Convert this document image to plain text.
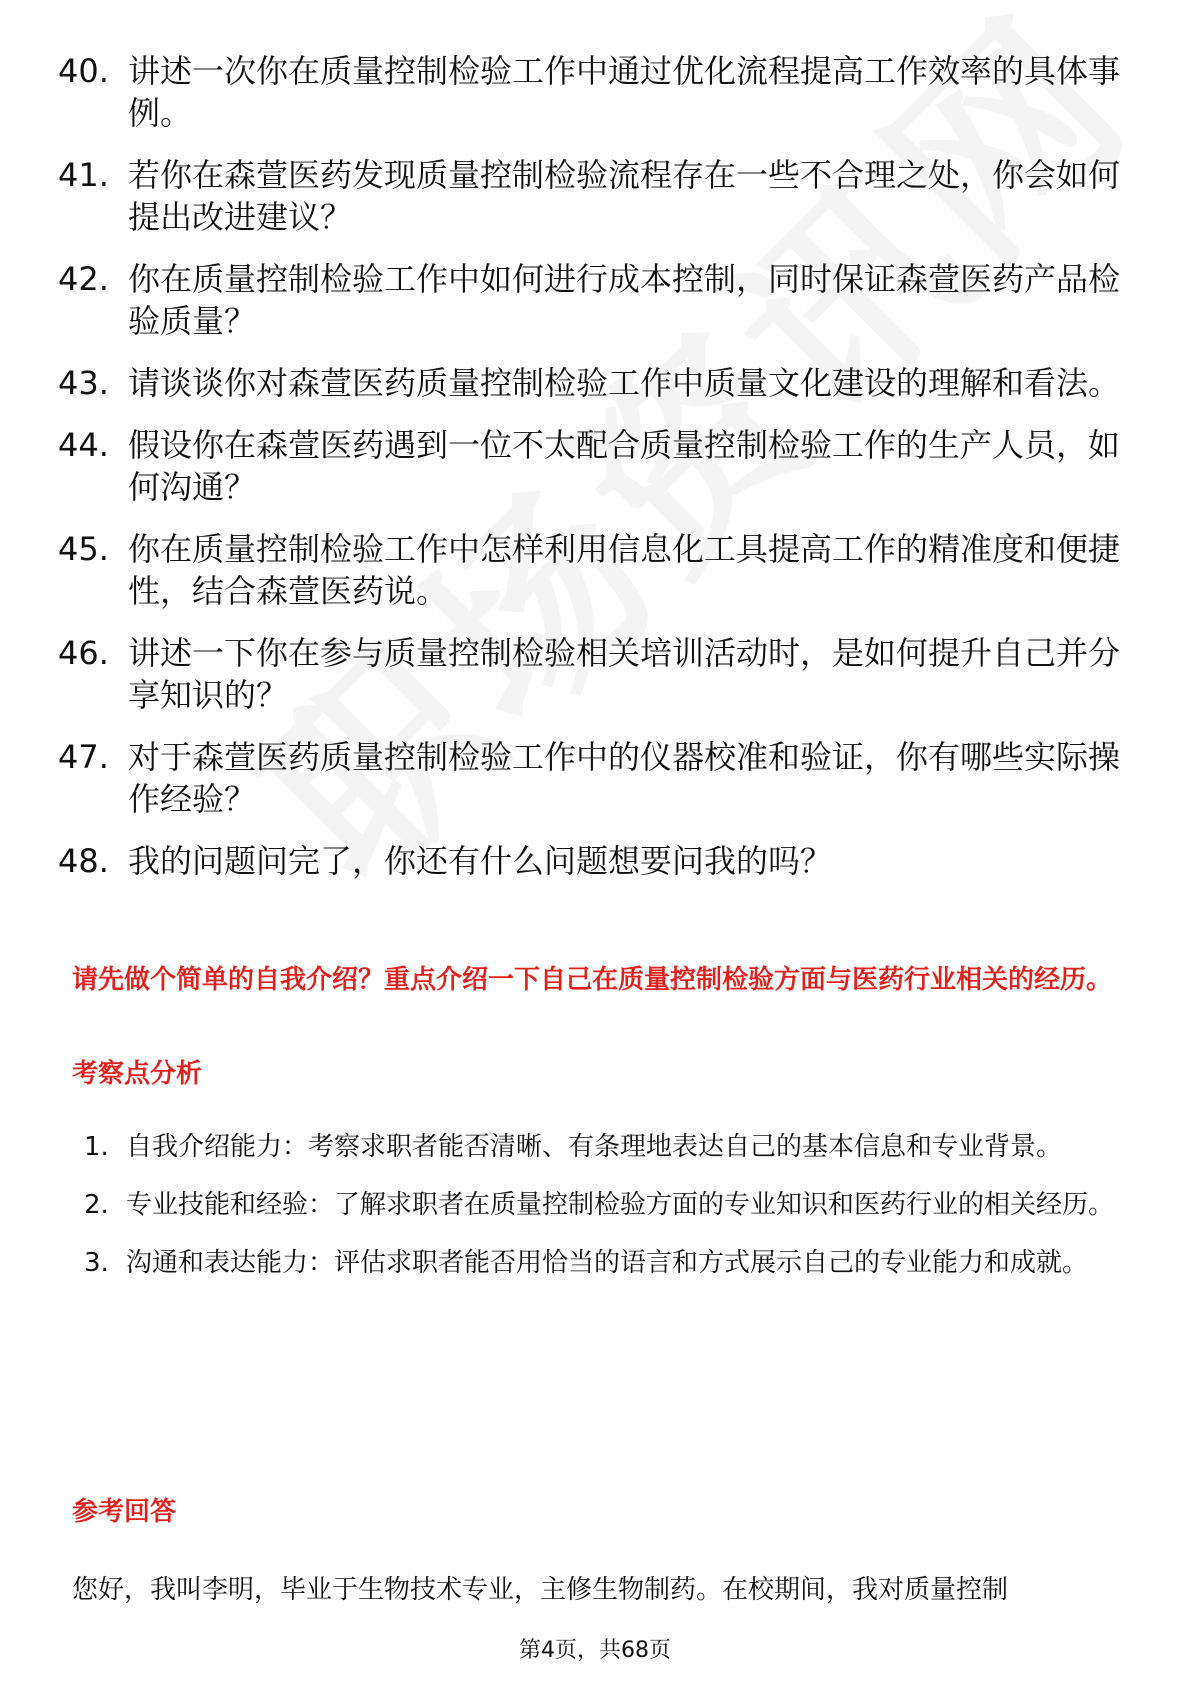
40. 讲述一次你在质量控制检验工作中通过优化流程提高工作效率的具体事例。
41. 若你在森萱医药发现质量控制检验流程存在一些不合理之处，你会如何提出改进建议？
42. 你在质量控制检验工作中如何进行成本控制，同时保证森萱医药产品检验质量？
43. 请谈谈你对森萱医药质量控制检验工作中质量文化建设的理解和看法。
44. 假设你在森萱医药遇到一位不太配合质量控制检验工作的生产人员，如何沟通？
45. 你在质量控制检验工作中怎样利用信息化工具提高工作的精准度和便捷性，结合森萱医药说。
46. 讲述一下你在参与质量控制检验相关培训活动时，是如何提升自己并分享知识的？
47. 对于森萱医药质量控制检验工作中的仪器校准和验证，你有哪些实际操作经验？
48. 我的问题问完了，你还有什么问题想要问我的吗？
请先做个简单的自我介绍？重点介绍一下自己在质量控制检验方面与医药行业相关的经历。
考察点分析
1. 自我介绍能力：考察求职者能否清晰、有条理地表达自己的基本信息和专业背景。
2. 专业技能和经验：了解求职者在质量控制检验方面的专业知识和医药行业的相关经历。
3. 沟通和表达能力：评估求职者能否用恰当的语言和方式展示自己的专业能力和成就。
参考回答
您好，我叫李明，毕业于生物技术专业，主修生物制药。在校期间，我对质量控制
第4页，共68页
